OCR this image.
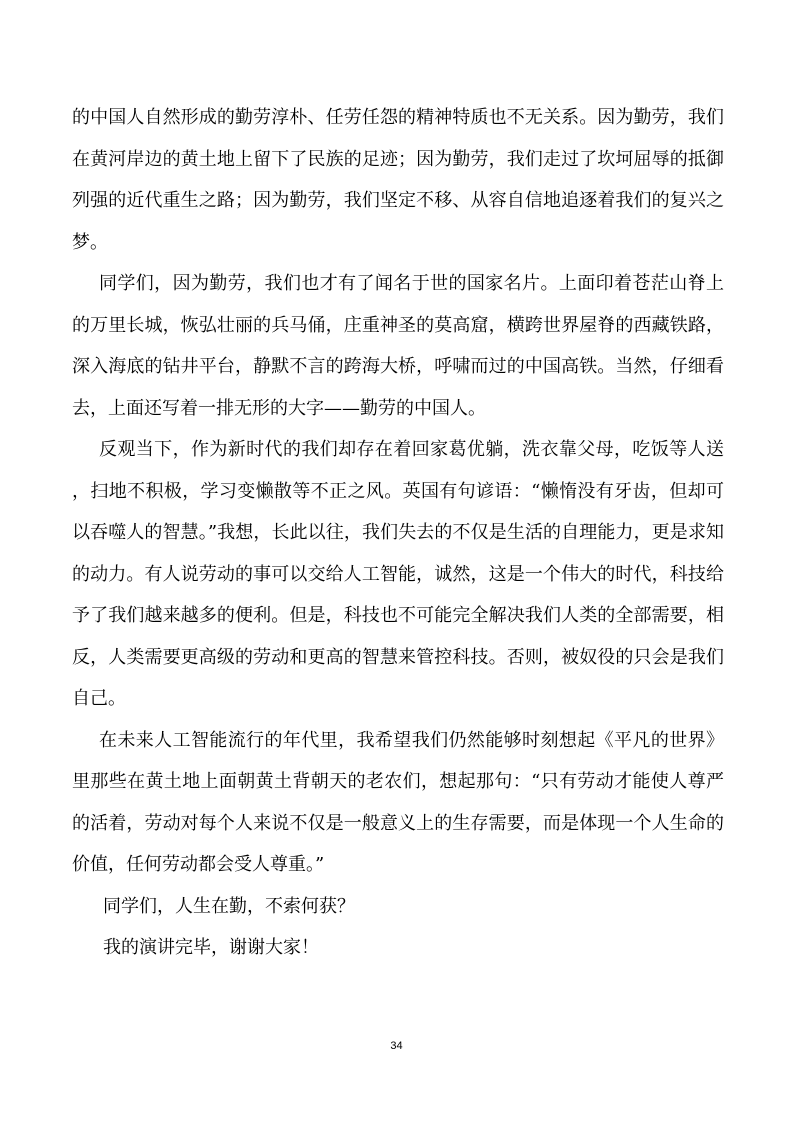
的中国人自然形成的勤劳淳朴、任劳任怨的精神特质也不无关系。因为勤劳，我们在黄河岸边的黄土地上留下了民族的足迹；因为勤劳，我们走过了坎坷屈辱的抵御列强的近代重生之路；因为勤劳，我们坚定不移、从容自信地追逐着我们的复兴之梦。

同学们，因为勤劳，我们也才有了闻名于世的国家名片。上面印着苍茫山脊上的万里长城，恢弘壮丽的兵马俑，庄重神圣的莫高窟，横跨世界屋脊的西藏铁路，深入海底的钻井平台，静默不言的跨海大桥，呼啸而过的中国高铁。当然，仔细看去，上面还写着一排无形的大字——勤劳的中国人。

反观当下，作为新时代的我们却存在着回家葛优躺，洗衣靠父母，吃饭等人送，扫地不积极，学习变懒散等不正之风。英国有句谚语：“懒惰没有牙齿，但却可以吞噬人的智慧。”我想，长此以往，我们失去的不仅是生活的自理能力，更是求知的动力。有人说劳动的事可以交给人工智能，诚然，这是一个伟大的时代，科技给予了我们越来越多的便利。但是，科技也不可能完全解决我们人类的全部需要，相反，人类需要更高级的劳动和更高的智慧来管控科技。否则，被奴役的只会是我们自己。

在未来人工智能流行的年代里，我希望我们仍然能够时刻想起《平凡的世界》里那些在黄土地上面朝黄土背朝天的老农们，想起那句：“只有劳动才能使人尊严的活着，劳动对每个人来说不仅是一般意义上的生存需要，而是体现一个人生命的价值，任何劳动都会受人尊重。”

同学们，人生在勤，不索何获？

我的演讲完毕，谢谢大家！

34
